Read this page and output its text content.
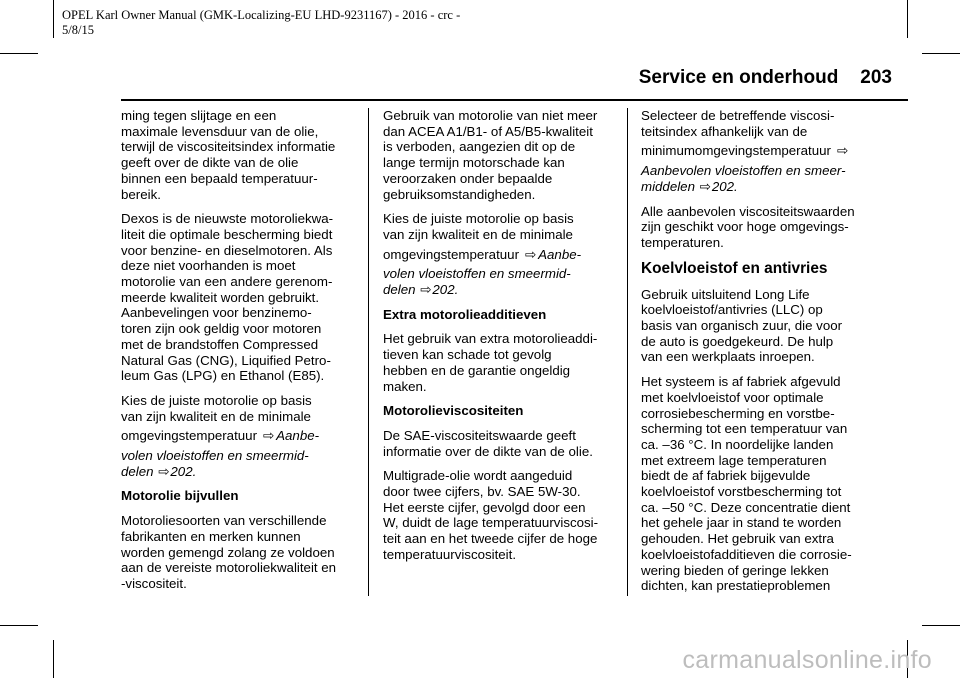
OPEL Karl Owner Manual (GMK-Localizing-EU LHD-9231167) - 2016 - crc -
5/8/15
Service en onderhoud 203
ming tegen slijtage en een
maximale levensduur van de olie,
terwijl de viscositeitsindex informatie
geeft over de dikte van de olie
binnen een bepaald temperatuur-
bereik.
Dexos is de nieuwste motoroliekwa-
liteit die optimale bescherming biedt
voor benzine- en dieselmotoren. Als
deze niet voorhanden is moet
motorolie van een andere gerenom-
meerde kwaliteit worden gebruikt.
Aanbevelingen voor benzinemo-
toren zijn ook geldig voor motoren
met de brandstoffen Compressed
Natural Gas (CNG), Liquified Petro-
leum Gas (LPG) en Ethanol (E85).
Kies de juiste motorolie op basis
van zijn kwaliteit en de minimale
omgevingstemperatuur ⇨ Aanbe-
volen vloeistoffen en smeermid-
delen ⇨202.
Motorolie bijvullen
Motoroliesoorten van verschillende
fabrikanten en merken kunnen
worden gemengd zolang ze voldoen
aan de vereiste motoroliekwaliteit en
-viscositeit.
Gebruik van motorolie van niet meer
dan ACEA A1/B1- of A5/B5-kwaliteit
is verboden, aangezien dit op de
lange termijn motorschade kan
veroorzaken onder bepaalde
gebruiksomstandigheden.
Kies de juiste motorolie op basis
van zijn kwaliteit en de minimale
omgevingstemperatuur ⇨ Aanbe-
volen vloeistoffen en smeermid-
delen ⇨202.
Extra motorolieadditieven
Het gebruik van extra motorolieaddi-
tieven kan schade tot gevolg
hebben en de garantie ongeldig
maken.
Motorolieviscositeiten
De SAE-viscositeitswaarde geeft
informatie over de dikte van de olie.
Multigrade-olie wordt aangeduid
door twee cijfers, bv. SAE 5W-30.
Het eerste cijfer, gevolgd door een
W, duidt de lage temperatuurviscosi-
teit aan en het tweede cijfer de hoge
temperatuurviscositeit.
Selecteer de betreffende viscosi-
teitsindex afhankelijk van de
minimumomgevingstemperatuur ⇨
Aanbevolen vloeistoffen en smeer-
middelen ⇨202.
Alle aanbevolen viscositeitswaarden
zijn geschikt voor hoge omgevings-
temperaturen.
Koelvloeistof en antivries
Gebruik uitsluitend Long Life
koelvloeistof/antivries (LLC) op
basis van organisch zuur, die voor
de auto is goedgekeurd. De hulp
van een werkplaats inroepen.
Het systeem is af fabriek afgevuld
met koelvloeistof voor optimale
corrosiebescherming en vorstbe-
scherming tot een temperatuur van
ca. –36 °C. In noordelijke landen
met extreem lage temperaturen
biedt de af fabriek bijgevulde
koelvloeistof vorstbescherming tot
ca. –50 °C. Deze concentratie dient
het gehele jaar in stand te worden
gehouden. Het gebruik van extra
koelvloeistofadditieven die corrosie-
wering bieden of geringe lekken
dichten, kan prestatieproblemen
carmanualsonline.info
